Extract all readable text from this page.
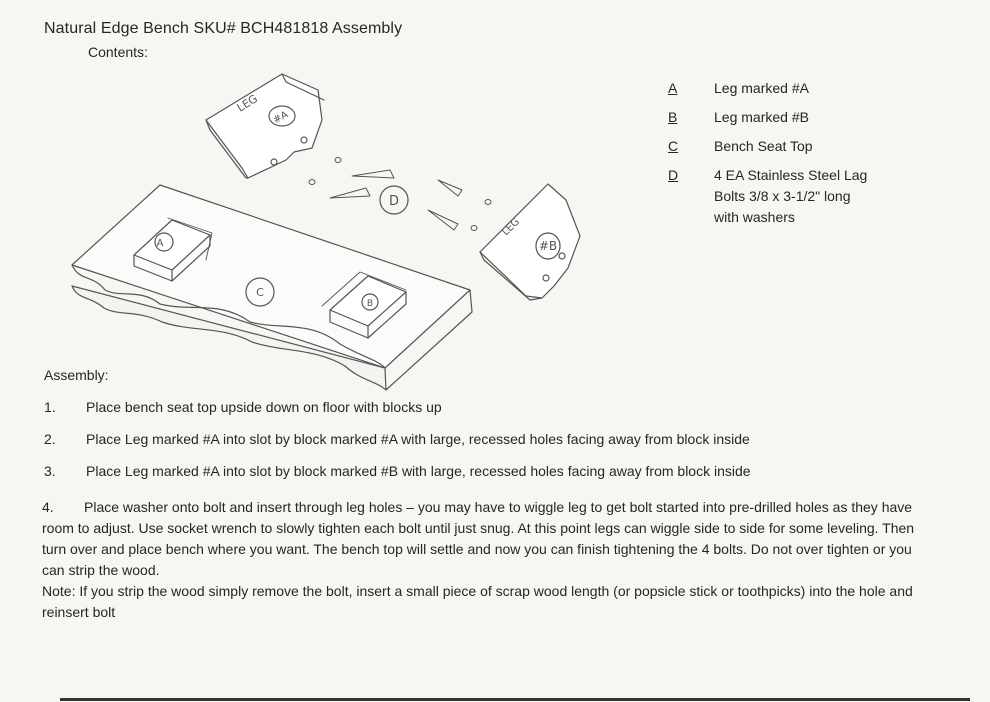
Natural Edge Bench SKU# BCH481818 Assembly
Contents:
A
B
C
D
LEG
#A
LEG
#B
A	Leg marked #A
B	Leg marked #B
C	Bench Seat Top
D	4 EA Stainless Steel Lag Bolts 3/8 x 3-1/2" long with washers
Assembly:
1. Place bench seat top upside down on floor with blocks up
2. Place Leg marked #A into slot by block marked #A with large, recessed holes facing away from block inside
3. Place Leg marked #A into slot by block marked #B with large, recessed holes facing away from block inside
4. Place washer onto bolt and insert through leg holes – you may have to wiggle leg to get bolt started into pre-drilled holes as they have room to adjust. Use socket wrench to slowly tighten each bolt until just snug. At this point legs can wiggle side to side for some leveling. Then turn over and place bench where you want. The bench top will settle and now you can finish tightening the 4 bolts. Do not over tighten or you can strip the wood.
Note: If you strip the wood simply remove the bolt, insert a small piece of scrap wood length (or popsicle stick or toothpicks) into the hole and reinsert bolt
